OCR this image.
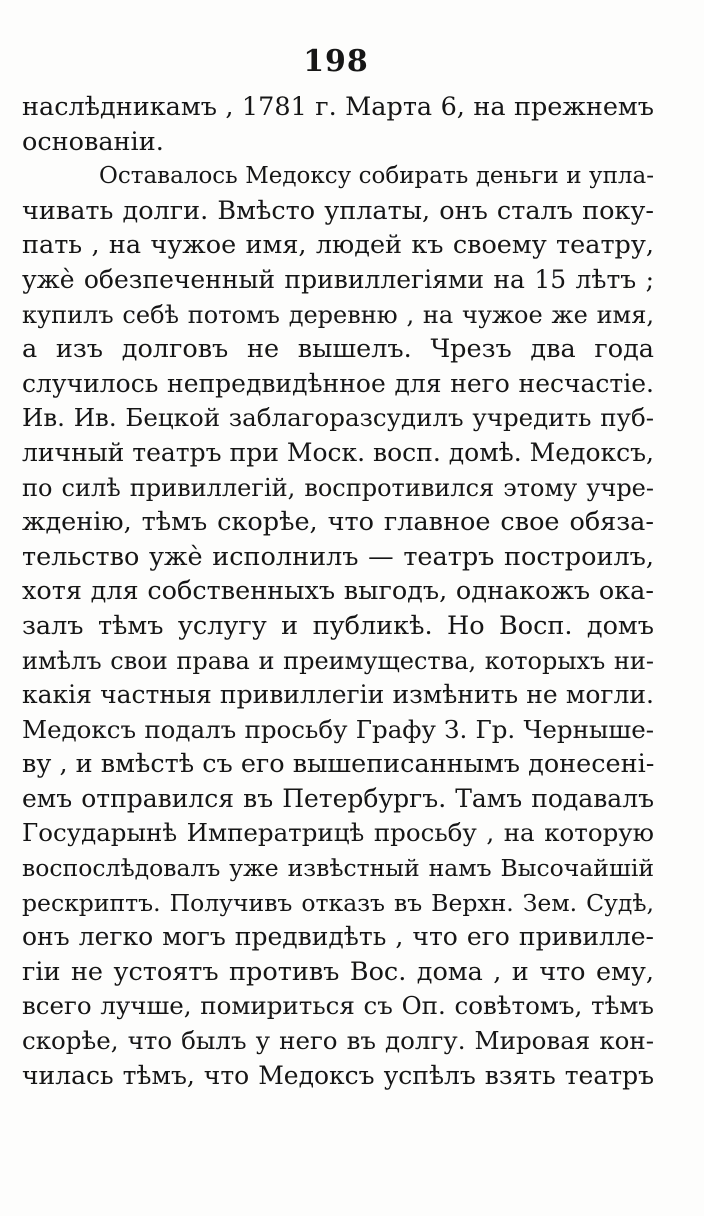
198
наслѣдникамъ , 1781 г. Марта 6, на прежнемъ
основаніи.
Оставалось Медоксу собирать деньги и упла-
чивать долги. Вмѣсто уплаты, онъ сталъ поку-
пать , на чужое имя, людей къ своему театру,
ужѐ обезпеченный привиллегіями на 15 лѣтъ ;
купилъ себѣ потомъ деревню , на чужое же имя,
а изъ долговъ не вышелъ. Чрезъ два года
случилось непредвидѣнное для него несчастіе.
Ив. Ив. Бецкой заблагоразсудилъ учредить пуб-
личный театръ при Моск. восп. домѣ. Медоксъ,
по силѣ привиллегій, воспротивился этому учре-
жденію, тѣмъ скорѣе, что главное свое обяза-
тельство ужѐ исполнилъ — театръ построилъ,
хотя для собственныхъ выгодъ, однакожъ ока-
залъ тѣмъ услугу и публикѣ. Но Восп. домъ
имѣлъ свои права и преимущества, которыхъ ни-
какія частныя привиллегіи измѣнить не могли.
Медоксъ подалъ просьбу Графу З. Гр. Чернышe-
ву , и вмѣстѣ съ его вышеписаннымъ донесені-
емъ отправился въ Петербургъ. Тамъ подавалъ
Государынѣ Императрицѣ просьбу , на которую
воспослѣдовалъ уже извѣстный намъ Высочайшій
рескриптъ. Получивъ отказъ въ Верхн. Зем. Судѣ,
онъ легко могъ предвидѣть , что его привиллe-
гіи не устоятъ противъ Вос. дома , и что ему,
всего лучше, помириться съ Оп. совѣтомъ, тѣмъ
скорѣе, что былъ у него въ долгу. Мировая кон-
чилась тѣмъ, что Медоксъ успѣлъ взять театръ
